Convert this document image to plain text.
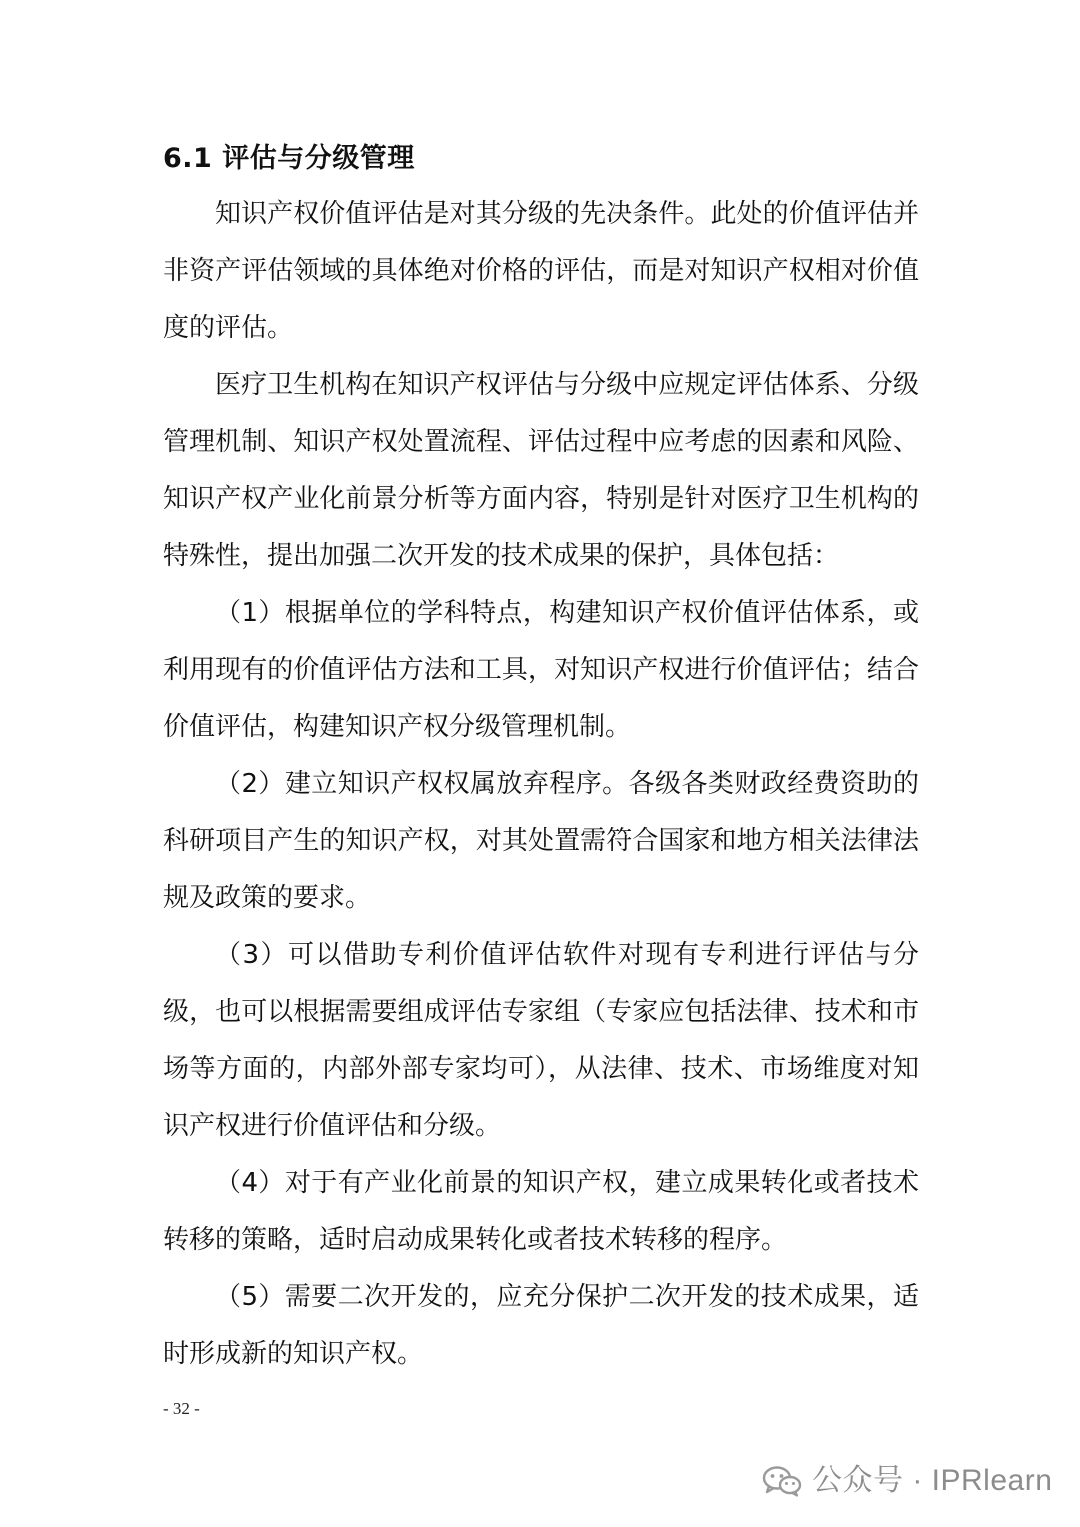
6.1 评估与分级管理

知识产权价值评估是对其分级的先决条件。此处的价值评估并非资产评估领域的具体绝对价格的评估，而是对知识产权相对价值度的评估。

医疗卫生机构在知识产权评估与分级中应规定评估体系、分级管理机制、知识产权处置流程、评估过程中应考虑的因素和风险、知识产权产业化前景分析等方面内容，特别是针对医疗卫生机构的特殊性，提出加强二次开发的技术成果的保护，具体包括：

（1）根据单位的学科特点，构建知识产权价值评估体系，或利用现有的价值评估方法和工具，对知识产权进行价值评估；结合价值评估，构建知识产权分级管理机制。

（2）建立知识产权权属放弃程序。各级各类财政经费资助的科研项目产生的知识产权，对其处置需符合国家和地方相关法律法规及政策的要求。

（3）可以借助专利价值评估软件对现有专利进行评估与分级，也可以根据需要组成评估专家组（专家应包括法律、技术和市场等方面的，内部外部专家均可），从法律、技术、市场维度对知识产权进行价值评估和分级。

（4）对于有产业化前景的知识产权，建立成果转化或者技术转移的策略，适时启动成果转化或者技术转移的程序。

（5）需要二次开发的，应充分保护二次开发的技术成果，适时形成新的知识产权。

- 32 -
公众号 · IPRlearn
